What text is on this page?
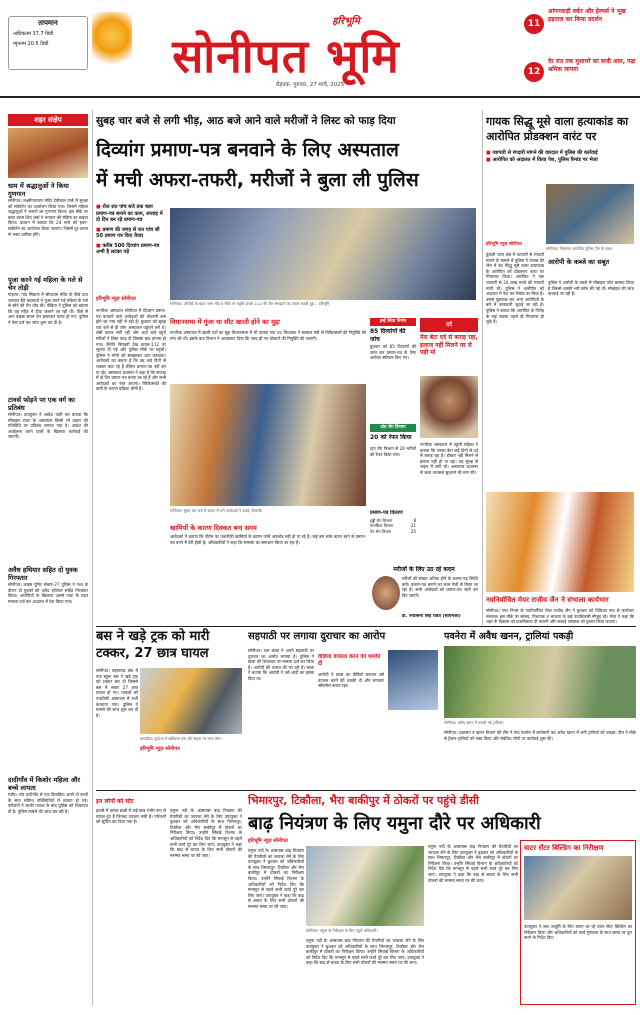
तापमान
अधिकतम 37.7 डिग्री
न्यूनतम 20.5 डिग्री
हरिभूमि
सोनीपत भूमि
रोहतक, गुरुवार, 27 मार्च, 2025
11
आंगनवाड़ी वर्कर और हेल्पर्स ने भूख हड़ताल कर किया प्रदर्शन
12
देर रात तक मुशायरे का सजी आम, पढ़ा श्रमिक लापता
शहर संक्षेप
धाम में श्रद्धालुओं ने किया गुणगान
सोनीपत। लक्ष्मीनारायण मंदिर देवीलाल पार्क में सुरक्षा को संकीर्तन का आयोजन किया गया। जिसमें महिला श्रद्धालुओं ने भजनों का गुणगान किया। इस मौके पर बाबा श्याम शिव शर्मा ने भगवान की महिमा का बखान किया। प्रवचन में बताया कि 24 मार्च को हवन-संकीर्तन का आयोजन किया जाएगा। जिसमें दूर-दराज से भक्त शामिल होंगे।
पूजा करने गई महिला के गले से चेन तोड़ी
गोहाना। गांव सिवाना में सीताराम मंदिर के पीछे घात लगाकर बैठे बदमाशों ने पूजा करने गई महिला के गले से सोने की चेन तोड़ ली। पीड़िता ने पुलिस को बताया कि वह मंदिर में दीया जलाने जा रही थी। पीछे से आए बाइक सवार चेन झपटकर फरार हो गए। पुलिस ने केस दर्ज कर जांच शुरू कर दी है।
टावर्स फोड़ने पर एक वर्ग का प्रतिबंध
सोनीपत। उपायुक्त ने आदेश जारी कर बताया कि मोबाइल टावर के आसपास किसी भी प्रकार की गतिविधि पर प्रतिबंध लगाया गया है। आदेश की अवहेलना करने वालों के खिलाफ कार्रवाई की जाएगी।
अवैध हथियार सहित दो युवक गिरफ्तार
सोनीपत। क्राइम यूनिट सेक्टर-27 पुलिस ने गश्त के दौरान दो युवकों को अवैध हथियार सहित गिरफ्तार किया। आरोपियों के खिलाफ आर्म्स एक्ट के तहत मामला दर्ज कर अदालत में पेश किया गया।
दादीगाँव में किशोर महिला और बच्चे लापता
गन्नौर। गांव दादीगाँव से एक विवाहिता अपने दो बच्चों के साथ संदिग्ध परिस्थितियों में लापता हो गई। परिजनों ने काफी तलाश के बाद पुलिस को शिकायत दी है। पुलिस मामले की जांच कर रही है।
सुबह चार बजे से लगी भीड़, आठ बजे आने वाले मरीजों ने लिस्ट को फाड़ दिया
दिव्यांग प्रमाण-पत्र बनवाने के लिए अस्पताल
में मची अफरा-तफरी, मरीजों ने बुला ली पुलिस
■ रोज रात पांच बजे तक चला प्रमाण-पत्र बनाने का काम, सप्ताह में दो दिन बन रहे प्रमाण-पत्र
■ प्रमाण की जगह से रात पांच सौ 50 प्रमाण पत्र किए तैयार
■ करीब 500 दिव्यांग प्रमाण-पत्र अभी है लटका पड़े
हरिभूमि न्यूज़ सोनीपत
सोनीपत। ओपीडी के बाहर जमा भीड़ व मौके पर पहुंची डायल-112 की टीम समझाने का प्रयास करती हुई। - हरिभूमि
नागरिक अस्पताल सोनीपत में दिव्यांग प्रमाण-पत्र बनवाने वाले आवेदकों की परेशानी कम होने का नाम नहीं ले रही है। बुधवार को सुबह चार बजे से ही लोग अस्पताल पहुंचने लगे थे। लंबी कतार लगी रही और आठ बजे पहुंचे मरीजों ने लिस्ट फाड़ दी जिसके बाद हंगामा हो गया। स्थिति बिगड़ती देख डायल-112 पर सूचना दी गई और पुलिस मौके पर पहुंची। पुलिस ने लोगों को समझाकर शांत करवाया। आवेदकों का कहना है कि वह कई दिनों से चक्कर काट रहे हैं लेकिन प्रमाण-पत्र नहीं बन पा रहे। अस्पताल प्रशासन ने कहा है कि सप्ताह में दो दिन प्रमाण-पत्र बनाए जा रहे हैं और सभी आवेदकों का नंबर आएगा। चिकित्सकों की कमी के कारण प्रक्रिया धीमी है।
विधानसभा में गूंजा था सीट खाली होने का मुद्दा
नागरिक अस्पताल में खाली पदों का मुद्दा विधानसभा में भी उठाया गया था। विधायक ने स्वास्थ्य मंत्री से चिकित्सकों की नियुक्ति की मांग की थी। इसके बाद विभाग ने आश्वासन दिया कि जल्द ही नए डॉक्टरों की नियुक्ति की जाएगी।
सोनीपत। सुबह चार बजे से लाइन में लगे आवेदकों ने उठाई परेशानी।
खामियों के कारण दिक्कत बना समय
आवेदकों ने बताया कि पोर्टल पर तकनीकी खामियों के कारण फॉर्म अपलोड नहीं हो पा रहे हैं। कई बार सर्वर डाउन रहने से प्रमाण-पत्र बनने में देरी होती है। अधिकारियों ने कहा कि समस्या का समाधान किया जा रहा है।
इन्हें लिया निर्णय
85 दिव्यांगों की जांच
बुधवार को 85 दिव्यांगों की जांच कर प्रमाण-पत्र के लिए आवेदन स्वीकार किए गए।
दांत रोग विभाग
20 को रेफर किया
दांत रोग विभाग से 20 मरीजों को रेफर किया गया।
प्रमाण-पत्र वितरण
हड्डी रोग विभाग	8
मानसिक विभाग	21
नेत्र रोग विभाग	25
दर्द
मेरा बेटा दर्द से कराह रहा, इलाज नहीं मिलने पर रो पड़ी मां
नागरिक अस्पताल में पहुंची महिला ने बताया कि उनका बेटा कई दिनों से दर्द से कराह रहा है। डॉक्टर नहीं मिलने से इलाज नहीं हो पा रहा। वह सुबह से लाइन में लगी थी। अस्पताल प्रशासन से जल्द व्यवस्था सुधारने की मांग की।
मरीजों के लिए उठ रहे कदम
मरीजों की संख्या अधिक होने के कारण यह स्थिति बनी। प्रमाण-पत्र बनाने का काम तेजी से किया जा रहा है। सभी आवेदकों को प्रमाण-पत्र जारी कर दिए जाएंगे।
डॉ. ज्योत्सना सिंह रावत (सीएमओ)
गायक सिद्धू मूसे वाला हत्याकांड का आरोपित प्रोडक्शन वारंट पर
■ व्यापारी से रंगदारी मांगने की वारदात में पुलिस की कार्रवाई
■ आरोपित को अदालत में किया पेश, पुलिस रिमांड पर भेजा
सोनीपत। गिरफ्तार आरोपित पुलिस टीम के साथ।
हरिभूमि न्यूज़ सोनीपत
कुंडली थाना क्षेत्र में व्यापारी से रंगदारी मांगने के मामले में पुलिस ने पंजाब की जेल में बंद सिद्धू मूसे वाला हत्याकांड के आरोपित को प्रोडक्शन वारंट पर गिरफ्तार किया। आरोपित ने एक व्यापारी से 20 लाख रुपये की रंगदारी मांगी थी। पुलिस ने आरोपित को अदालत में पेश कर रिमांड पर लिया है। उससे पूछताछ कर अन्य आरोपितों के बारे में जानकारी जुटाई जा रही है। पुलिस ने बताया कि आरोपित के गिरोह के कई सदस्य पहले ही गिरफ्तार हो चुके हैं।
आरोपी के कब्जे का सबूत
पुलिस ने आरोपी के कब्जे से मोबाइल फोन बरामद किया है जिससे धमकी भरी कॉल की गई थी। मोबाइल की जांच करवाई जा रही है।
नवनिर्वाचित मेयर राजीव जैन ने संभाला कार्यभार
सोनीपत। नगर निगम के नवनिर्वाचित मेयर राजीव जैन ने बुधवार को विधिवत रूप से कार्यभार संभाला। इस मौके पर सांसद, विधायक व भाजपा के कई पदाधिकारी मौजूद रहे। मेयर ने कहा कि शहर के विकास को प्राथमिकता दी जाएगी और सफाई व्यवस्था को दुरुस्त किया जाएगा।
बस ने खड़े ट्रक को मारी टक्कर, 27 छात्र घायल
सोनीपत। बहालगढ़ क्षेत्र में एक स्कूल बस ने खड़े ट्रक को टक्कर मार दी जिससे बस में सवार 27 छात्र घायल हो गए। घायलों को नजदीकी अस्पताल में भर्ती करवाया गया। पुलिस ने मामले की जांच शुरू कर दी है।
खरखौदा। दुर्घटना में क्षतिग्रस्त बस और सड़क पर जमा लोग।
हरिभूमि न्यूज़ सोनीपत
सहपाठी पर लगाया दुराचार का आरोप
सोनीपत। एक छात्रा ने अपने सहपाठी पर दुराचार का आरोप लगाया है। पुलिस ने छात्रा की शिकायत पर मामला दर्ज कर लिया है। आरोपी की तलाश की जा रही है। छात्रा ने बताया कि आरोपी ने उसे शादी का झांसा दिया था।
वीडियो वायरल करने की धमकी दी
आरोपी ने छात्रा का वीडियो बनाकर उसे वायरल करने की धमकी दी और लगातार ब्लैकमेल करता रहा।
पवनेरा में अवैध खनन, ट्रालियां पकड़ी
सोनीपत। अवैध खनन में पकड़ी गई ट्रालियां।
सोनीपत। प्रशासन व खनन विभाग की टीम ने गांव पवनेरा में छापेमारी कर अवैध खनन में लगी ट्रालियों को पकड़ा। टीम ने मौके से ट्रैक्टर-ट्रालियों को जब्त किया और संबंधित लोगों पर कार्रवाई शुरू की।
इन लोगों को चोट
हादसे में घायल छात्रों में कई छात्र गंभीर रूप से घायल हुए हैं जिनका उपचार जारी है। परिजनों को सूचित कर दिया गया है।
यमुना नदी के आसपास बाढ़ नियंत्रण की तैयारियों का जायजा लेने के लिए उपायुक्त ने बुधवार को अधिकारियों के साथ भिमारपुर, टिकौला और भैरा बाकीपुर में ठोकरों का निरीक्षण किया। उन्होंने सिंचाई विभाग के अधिकारियों को निर्देश दिए कि मानसून से पहले सभी कार्य पूरे कर लिए जाएं। उपायुक्त ने कहा कि बाढ़ से बचाव के लिए सभी ठोकरों की मरम्मत समय पर की जाए।
भिमारपुर, टिकौला, भैरा बाकीपुर में ठोकरों पर पहुंचे डीसी
बाढ़ नियंत्रण के लिए यमुना दौरे पर अधिकारी
हरिभूमि न्यूज़ सोनीपत
यमुना नदी के आसपास बाढ़ नियंत्रण की तैयारियों का जायजा लेने के लिए उपायुक्त ने बुधवार को अधिकारियों के साथ भिमारपुर, टिकौला और भैरा बाकीपुर में ठोकरों का निरीक्षण किया। उन्होंने सिंचाई विभाग के अधिकारियों को निर्देश दिए कि मानसून से पहले सभी कार्य पूरे कर लिए जाएं। उपायुक्त ने कहा कि बाढ़ से बचाव के लिए सभी ठोकरों की मरम्मत समय पर की जाए।
सोनीपत। यमुना के निरीक्षण के लिए पहुंचे अधिकारी।
यमुना नदी के आसपास बाढ़ नियंत्रण की तैयारियों का जायजा लेने के लिए उपायुक्त ने बुधवार को अधिकारियों के साथ भिमारपुर, टिकौला और भैरा बाकीपुर में ठोकरों का निरीक्षण किया। उन्होंने सिंचाई विभाग के अधिकारियों को निर्देश दिए कि मानसून से पहले सभी कार्य पूरे कर लिए जाएं। उपायुक्त ने कहा कि बाढ़ से बचाव के लिए सभी ठोकरों की मरम्मत समय पर की जाए।
यमुना नदी के आसपास बाढ़ नियंत्रण की तैयारियों का जायजा लेने के लिए उपायुक्त ने बुधवार को अधिकारियों के साथ भिमारपुर, टिकौला और भैरा बाकीपुर में ठोकरों का निरीक्षण किया। उन्होंने सिंचाई विभाग के अधिकारियों को निर्देश दिए कि मानसून से पहले सभी कार्य पूरे कर लिए जाएं। उपायुक्त ने कहा कि बाढ़ से बचाव के लिए सभी ठोकरों की मरम्मत समय पर की जाए।
वाटर सेंटर बिल्डिंग का निरीक्षण
उपायुक्त ने जल आपूर्ति के लिए बनाए जा रहे वाटर सेंटर बिल्डिंग का निरीक्षण किया और अधिकारियों को कार्य गुणवत्ता के साथ समय पर पूरा करने के निर्देश दिए।
